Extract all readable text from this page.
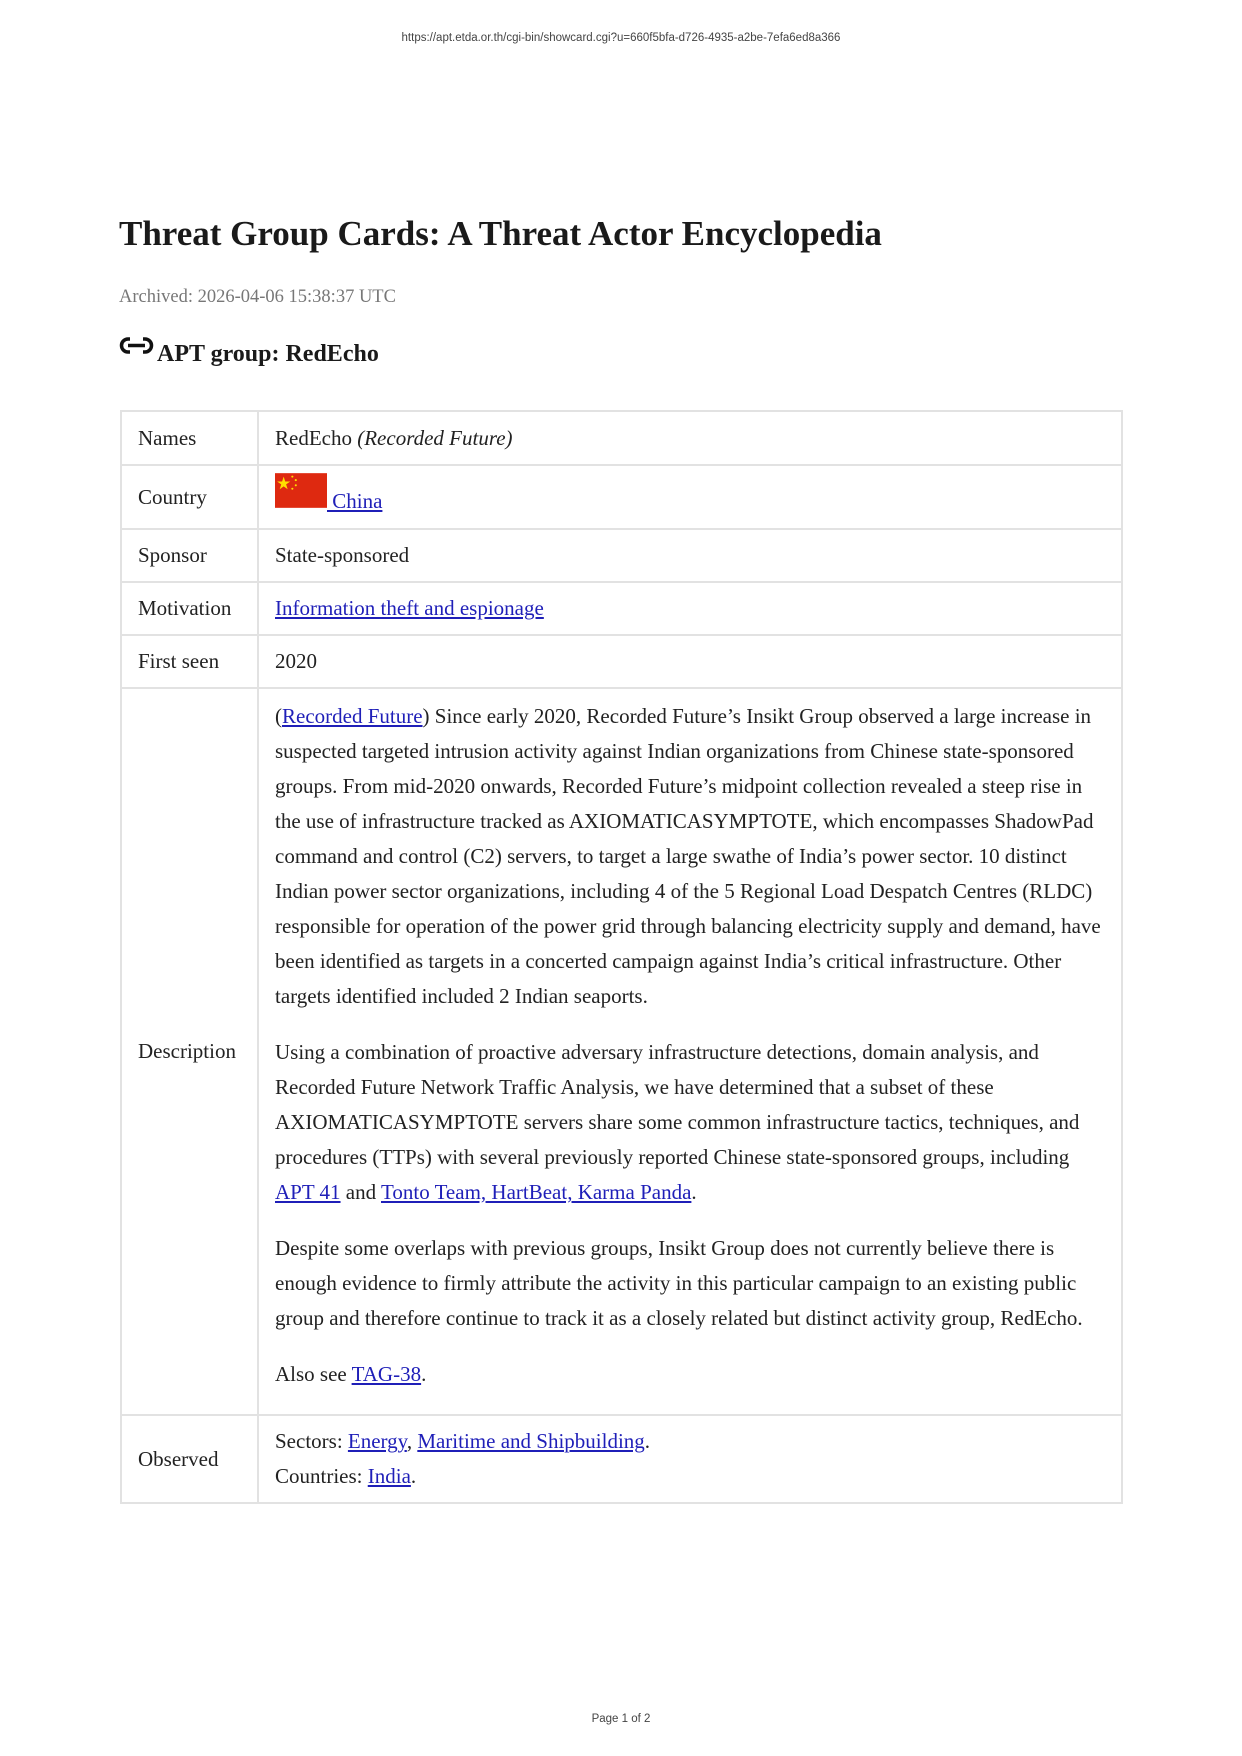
https://apt.etda.or.th/cgi-bin/showcard.cgi?u=660f5bfa-d726-4935-a2be-7efa6ed8a366
Threat Group Cards: A Threat Actor Encyclopedia
Archived: 2026-04-06 15:38:37 UTC
APT group: RedEcho
Names	RedEcho (Recorded Future)
Country	China
Sponsor	State-sponsored
Motivation	Information theft and espionage
First seen	2020
Description	(Recorded Future) Since early 2020, Recorded Future’s Insikt Group observed a large increase in suspected targeted intrusion activity against Indian organizations from Chinese state-sponsored groups. From mid-2020 onwards, Recorded Future’s midpoint collection revealed a steep rise in the use of infrastructure tracked as AXIOMATICASYMPTOTE, which encompasses ShadowPad command and control (C2) servers, to target a large swathe of India’s power sector. 10 distinct Indian power sector organizations, including 4 of the 5 Regional Load Despatch Centres (RLDC) responsible for operation of the power grid through balancing electricity supply and demand, have been identified as targets in a concerted campaign against India’s critical infrastructure. Other targets identified included 2 Indian seaports.

Using a combination of proactive adversary infrastructure detections, domain analysis, and Recorded Future Network Traffic Analysis, we have determined that a subset of these AXIOMATICASYMPTOTE servers share some common infrastructure tactics, techniques, and procedures (TTPs) with several previously reported Chinese state-sponsored groups, including APT 41 and Tonto Team, HartBeat, Karma Panda.

Despite some overlaps with previous groups, Insikt Group does not currently believe there is enough evidence to firmly attribute the activity in this particular campaign to an existing public group and therefore continue to track it as a closely related but distinct activity group, RedEcho.

Also see TAG-38.

Observed	Sectors: Energy, Maritime and Shipbuilding.
Countries: India.
Page 1 of 2
